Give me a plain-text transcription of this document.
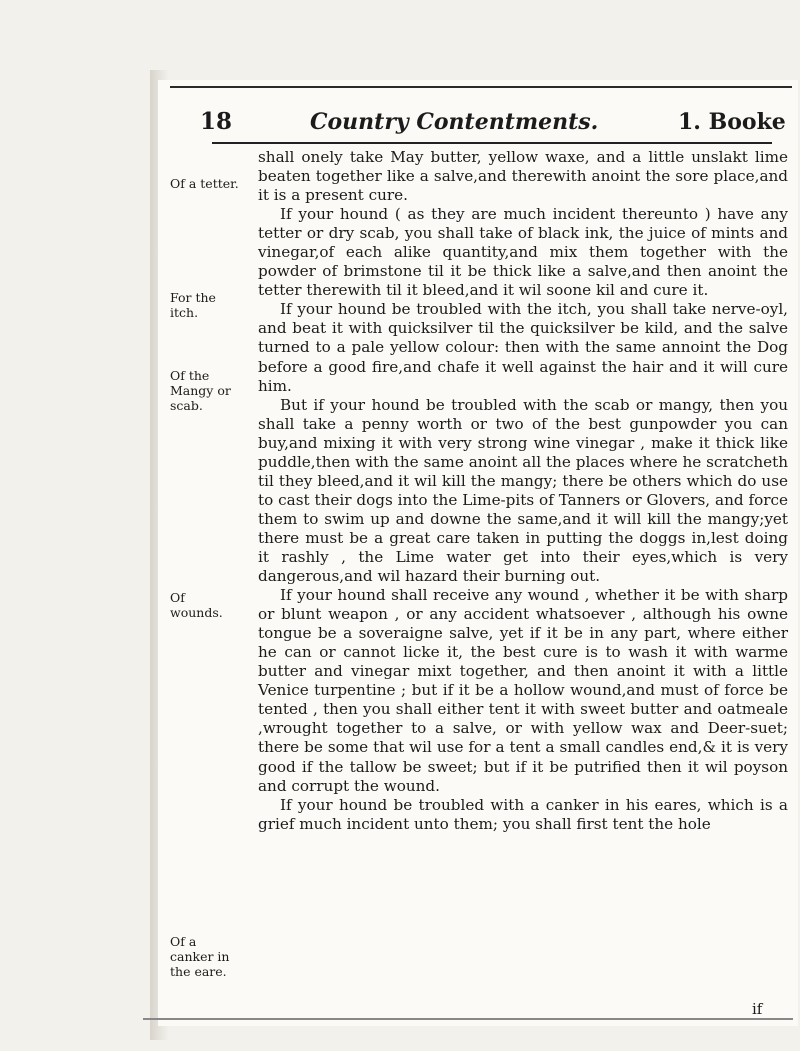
18	Country Contentments.	1. Booke
Of a tetter.
For the itch.
Of the Mangy or scab.
Of wounds.
Of a canker in the eare.

shall onely take May butter, yellow waxe, and a little unslakt lime beaten together like a salve,and therewith anoint the sore place,and it is a present cure.

If your hound ( as they are much incident thereunto ) have any tetter or dry scab, you shall take of black ink, the juice of mints and vinegar,of each alike quantity,and mix them together with the powder of brimstone til it be thick like a salve,and then anoint the tetter therewith til it bleed,and it wil soone kil and cure it.

If your hound be troubled with the itch, you shall take nerve-oyl, and beat it with quicksilver til the quicksilver be kild, and the salve turned to a pale yellow colour: then with the same annoint the Dog before a good fire,and chafe it well against the hair and it will cure him.

But if your hound be troubled with the scab or mangy, then you shall take a penny worth or two of the best gunpowder you can buy,and mixing it with very strong wine vinegar , make it thick like puddle,then with the same anoint all the places where he scratcheth til they bleed,and it wil kill the mangy; there be others which do use to cast their dogs into the Lime-pits of Tanners or Glovers, and force them to swim up and downe the same,and it will kill the mangy;yet there must be a great care taken in putting the doggs in,lest doing it rashly , the Lime water get into their eyes,which is very dangerous,and wil hazard their burning out.

If your hound shall receive any wound , whether it be with sharp or blunt weapon , or any accident whatsoever , although his owne tongue be a soveraigne salve, yet if it be in any part, where either he can or cannot licke it, the best cure is to wash it with warme butter and vinegar mixt together, and then anoint it with a little Venice turpentine ; but if it be a hollow wound,and must of force be tented , then you shall either tent it with sweet butter and oatmeale ,wrought together to a salve, or with yellow wax and Deer-suet; there be some that wil use for a tent a small candles end,& it is very good if the tallow be sweet; but if it be putrified then it wil poyson and corrupt the wound.

If your hound be troubled with a canker in his eares, which is a grief much incident unto them; you shall first tent the hole

if
